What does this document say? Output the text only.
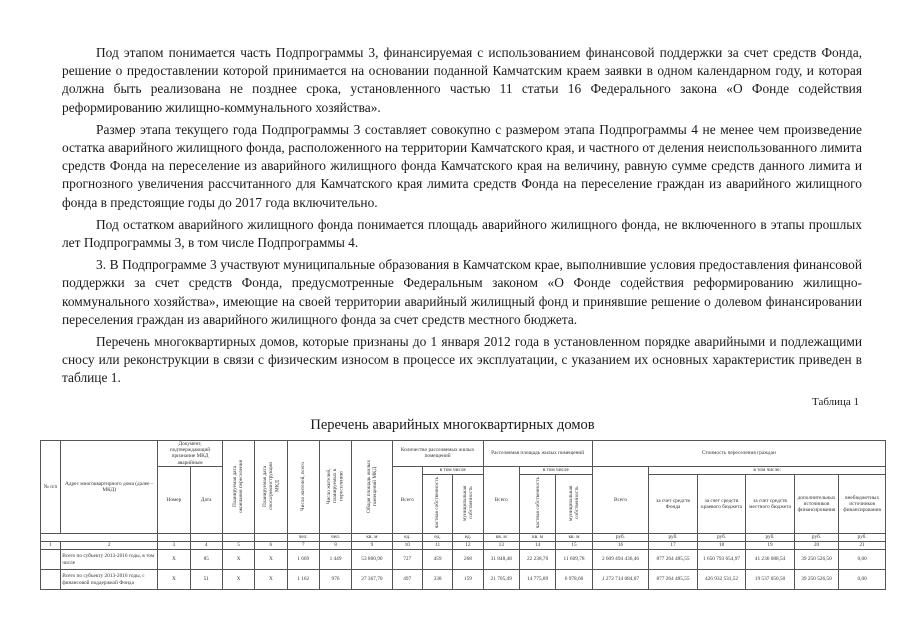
Под этапом понимается часть Подпрограммы 3, финансируемая с использованием финансовой поддержки за счет средств Фонда, решение о предоставлении которой принимается на основании поданной Камчатским краем заявки в одном календарном году, и которая должна быть реализована не позднее срока, установленного частью 11 статьи 16 Федерального закона «О Фонде содействия реформированию жилищно-коммунального хозяйства».

Размер этапа текущего года Подпрограммы 3 составляет совокупно с размером этапа Подпрограммы 4 не менее чем произведение остатка аварийного жилищного фонда, расположенного на территории Камчатского края, и частного от деления неиспользованного лимита средств Фонда на переселение из аварийного жилищного фонда Камчатского края на величину, равную сумме средств данного лимита и прогнозного увеличения рассчитанного для Камчатского края лимита средств Фонда на переселение граждан из аварийного жилищного фонда в предстоящие годы до 2017 года включительно.

Под остатком аварийного жилищного фонда понимается площадь аварийного жилищного фонда, не включенного в этапы прошлых лет Подпрограммы 3, в том числе Подпрограммы 4.

3. В Подпрограмме 3 участвуют муниципальные образования в Камчатском крае, выполнившие условия предоставления финансовой поддержки за счет средств Фонда, предусмотренные Федеральным законом «О Фонде содействия реформированию жилищно-коммунального хозяйства», имеющие на своей территории аварийный жилищный фонд и принявшие решение о долевом финансировании переселения граждан из аварийного жилищного фонда за счет средств местного бюджета.

Перечень многоквартирных домов, которые признаны до 1 января 2012 года в установленном порядке аварийными и подлежащими сносу или реконструкции в связи с физическим износом в процессе их эксплуатации, с указанием их основных характеристик приведен в таблице 1.

Таблица 1
Перечень аварийных многоквартирных домов
№ п/п	Адрес многоквартирного дома (далее – МКД)	Документ, подтверждающий признание МКД аварийным		Планируемая дата окончания переселения	Планируемая дата сноса/реконструкции МКД	Число жителей, всего	Число жителей, планируемых к переселению	Общая площадь жилых помещений МКД	Количество расселяемых жилых помещений			Расселяемая площадь жилых помещений			Стоимость переселения граждан					
		Номер	Дата						Всего	в том числе		Всего	в том числе		Всего	в том числе:				
										частная собственность	муниципальная собственность		частная собственность	муниципальная собственность		за счет средств Фонда	за счет средств краевого бюджета	за счет средств местного бюджета	дополнительных источников финансирования	внебюджетных источников финансирования
						чел.	чел.	кв. м	ед.	ед.	ед.	кв. м	кв. м	кв. м	руб.	руб.	руб.	руб.	руб.	руб.
1	2	3	4	5	6	7	8	9	10	11	12	13	14	15	16	17	18	19	20	21
	Всего по субъекту 2013-2016 годы, в том числе	Х	85	Х	Х	1 669	1 449	53 800,90	727	459	268	31 848,48	22 238,70	11 609,78	2 609 494 436,46	877 264 485,55	1 650 793 654,97	41 236 088,54	39 250 526,50	0,00
	Всего по субъекту 2013-2016 годы, с финансовой поддержкой Фонда	Х	51	Х	Х	1 162	976	27 367,70	497	338	159	21 705,49	14 775,89	6 978,60	1 272 714 084,07	877 264 485,55	426 932 531,52	19 537 050,50	39 250 526,50	0,00
